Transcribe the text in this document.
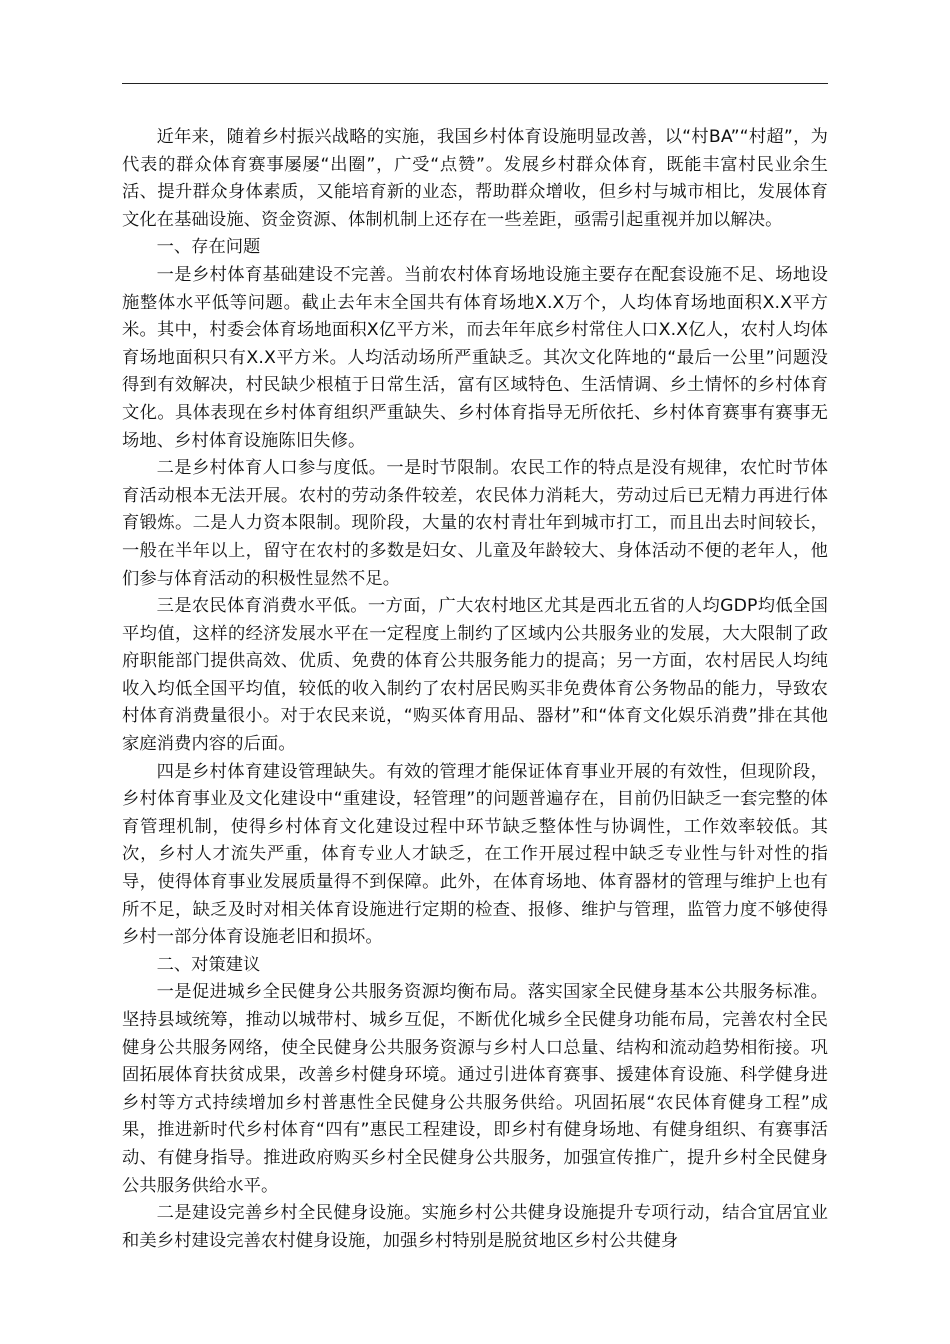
近年来，随着乡村振兴战略的实施，我国乡村体育设施明显改善，以“村BA”“村超”，为代表的群众体育赛事屡屡“出圈”，广受“点赞”。发展乡村群众体育，既能丰富村民业余生活、提升群众身体素质，又能培育新的业态，帮助群众增收，但乡村与城市相比，发展体育文化在基础设施、资金资源、体制机制上还存在一些差距，亟需引起重视并加以解决。

一、存在问题

一是乡村体育基础建设不完善。当前农村体育场地设施主要存在配套设施不足、场地设施整体水平低等问题。截止去年末全国共有体育场地X.X万个，人均体育场地面积X.X平方米。其中，村委会体育场地面积X亿平方米，而去年年底乡村常住人口X.X亿人，农村人均体育场地面积只有X.X平方米。人均活动场所严重缺乏。其次文化阵地的“最后一公里”问题没得到有效解决，村民缺少根植于日常生活，富有区域特色、生活情调、乡土情怀的乡村体育文化。具体表现在乡村体育组织严重缺失、乡村体育指导无所依托、乡村体育赛事有赛事无场地、乡村体育设施陈旧失修。

二是乡村体育人口参与度低。一是时节限制。农民工作的特点是没有规律，农忙时节体育活动根本无法开展。农村的劳动条件较差，农民体力消耗大，劳动过后已无精力再进行体育锻炼。二是人力资本限制。现阶段，大量的农村青壮年到城市打工，而且出去时间较长，一般在半年以上，留守在农村的多数是妇女、儿童及年龄较大、身体活动不便的老年人，他们参与体育活动的积极性显然不足。

三是农民体育消费水平低。一方面，广大农村地区尤其是西北五省的人均GDP均低全国平均值，这样的经济发展水平在一定程度上制约了区域内公共服务业的发展，大大限制了政府职能部门提供高效、优质、免费的体育公共服务能力的提高；另一方面，农村居民人均纯收入均低全国平均值，较低的收入制约了农村居民购买非免费体育公务物品的能力，导致农村体育消费量很小。对于农民来说，“购买体育用品、器材”和“体育文化娱乐消费”排在其他家庭消费内容的后面。

四是乡村体育建设管理缺失。有效的管理才能保证体育事业开展的有效性，但现阶段，乡村体育事业及文化建设中“重建设，轻管理”的问题普遍存在，目前仍旧缺乏一套完整的体育管理机制，使得乡村体育文化建设过程中环节缺乏整体性与协调性，工作效率较低。其次，乡村人才流失严重，体育专业人才缺乏，在工作开展过程中缺乏专业性与针对性的指导，使得体育事业发展质量得不到保障。此外，在体育场地、体育器材的管理与维护上也有所不足，缺乏及时对相关体育设施进行定期的检查、报修、维护与管理，监管力度不够使得乡村一部分体育设施老旧和损坏。

二、对策建议

一是促进城乡全民健身公共服务资源均衡布局。落实国家全民健身基本公共服务标准。坚持县域统筹，推动以城带村、城乡互促，不断优化城乡全民健身功能布局，完善农村全民健身公共服务网络，使全民健身公共服务资源与乡村人口总量、结构和流动趋势相衔接。巩固拓展体育扶贫成果，改善乡村健身环境。通过引进体育赛事、援建体育设施、科学健身进乡村等方式持续增加乡村普惠性全民健身公共服务供给。巩固拓展“农民体育健身工程”成果，推进新时代乡村体育“四有”惠民工程建设，即乡村有健身场地、有健身组织、有赛事活动、有健身指导。推进政府购买乡村全民健身公共服务，加强宣传推广，提升乡村全民健身公共服务供给水平。

二是建设完善乡村全民健身设施。实施乡村公共健身设施提升专项行动，结合宜居宜业和美乡村建设完善农村健身设施，加强乡村特别是脱贫地区乡村公共健身
